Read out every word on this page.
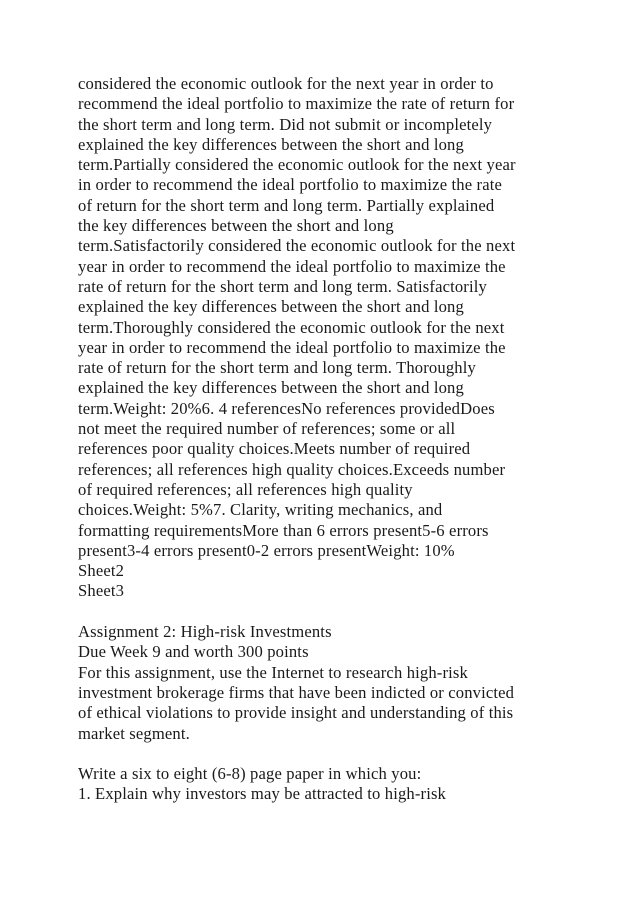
considered the economic outlook for the next year in order to
recommend the ideal portfolio to maximize the rate of return for
the short term and long term. Did not submit or incompletely
explained the key differences between the short and long
term.Partially considered the economic outlook for the next year
in order to recommend the ideal portfolio to maximize the rate
of return for the short term and long term. Partially explained
the key differences between the short and long
term.Satisfactorily considered the economic outlook for the next
year in order to recommend the ideal portfolio to maximize the
rate of return for the short term and long term. Satisfactorily
explained the key differences between the short and long
term.Thoroughly considered the economic outlook for the next
year in order to recommend the ideal portfolio to maximize the
rate of return for the short term and long term. Thoroughly
explained the key differences between the short and long
term.Weight: 20%6. 4 referencesNo references providedDoes
not meet the required number of references; some or all
references poor quality choices.Meets number of required
references; all references high quality choices.Exceeds number
of required references; all references high quality
choices.Weight: 5%7. Clarity, writing mechanics, and
formatting requirementsMore than 6 errors present5-6 errors
present3-4 errors present0-2 errors presentWeight: 10%
Sheet2
Sheet3
Assignment 2: High-risk Investments
Due Week 9 and worth 300 points
For this assignment, use the Internet to research high-risk
investment brokerage firms that have been indicted or convicted
of ethical violations to provide insight and understanding of this
market segment.
Write a six to eight (6-8) page paper in which you:
1. Explain why investors may be attracted to high-risk
